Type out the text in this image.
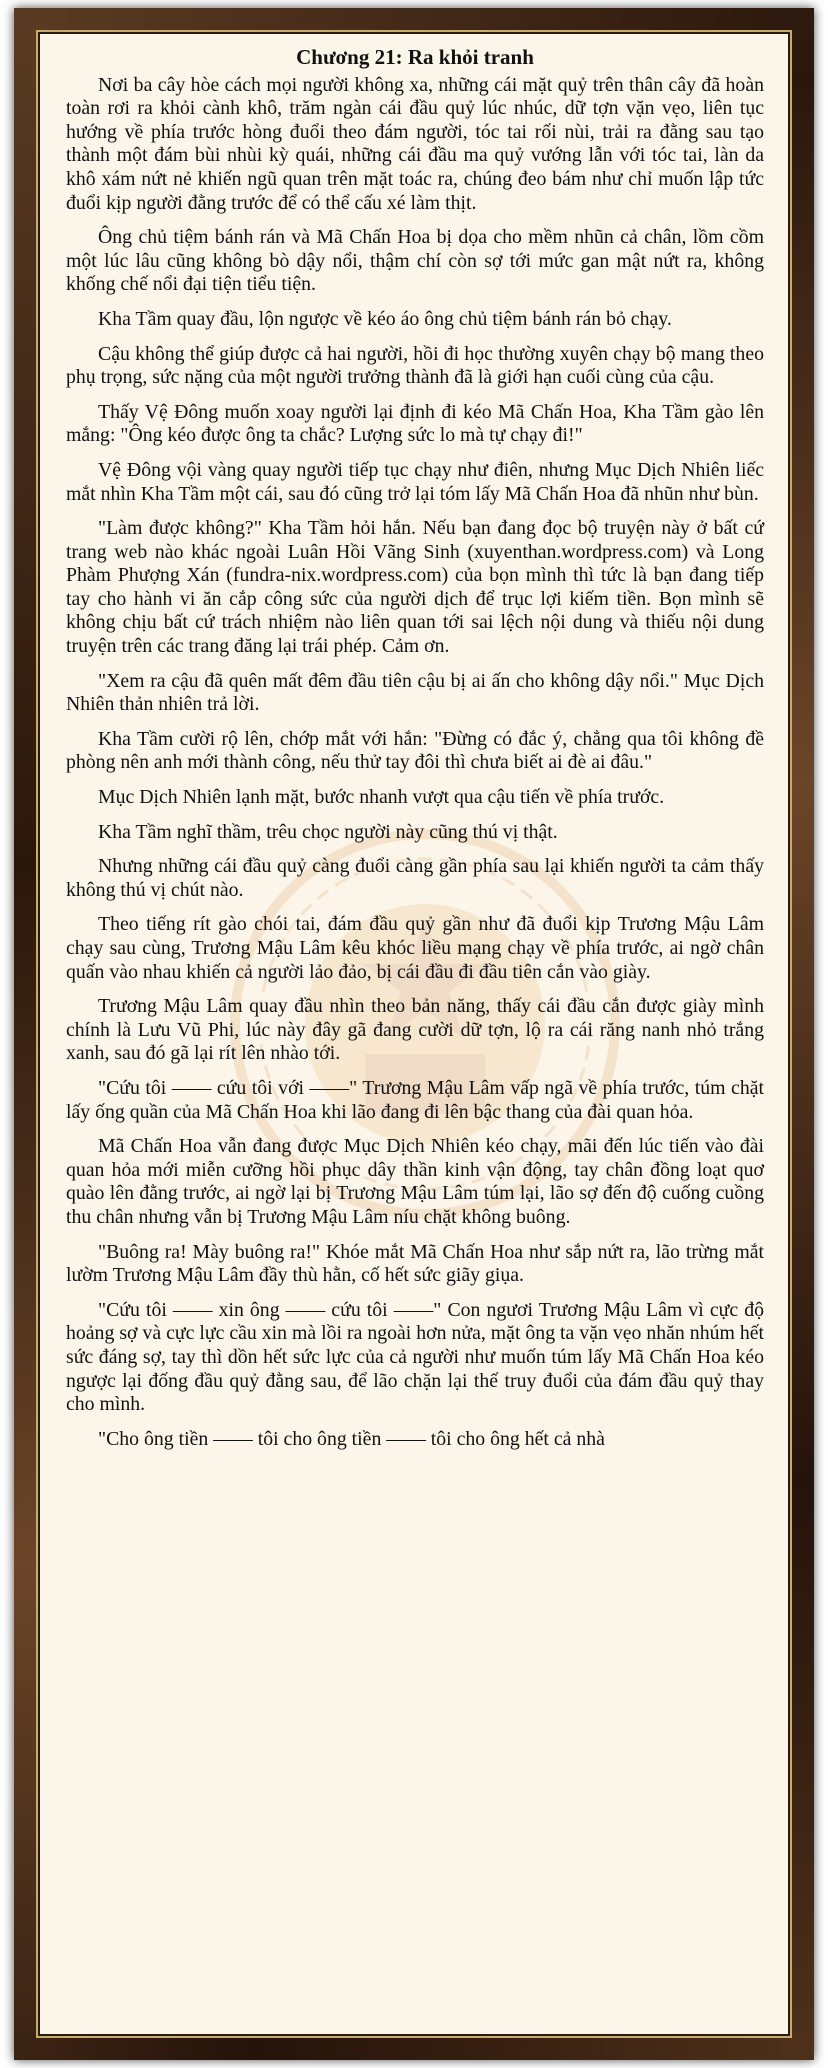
Chương 21: Ra khỏi tranh

Nơi ba cây hòe cách mọi người không xa, những cái mặt quỷ trên thân cây đã hoàn toàn rơi ra khỏi cành khô, trăm ngàn cái đầu quỷ lúc nhúc, dữ tợn vặn vẹo, liên tục hướng về phía trước hòng đuổi theo đám người, tóc tai rối nùi, trải ra đằng sau tạo thành một đám bùi nhùi kỳ quái, những cái đầu ma quỷ vướng lẫn với tóc tai, làn da khô xám nứt nẻ khiến ngũ quan trên mặt toác ra, chúng đeo bám như chỉ muốn lập tức đuổi kịp người đằng trước để có thể cấu xé làm thịt.

Ông chủ tiệm bánh rán và Mã Chấn Hoa bị dọa cho mềm nhũn cả chân, lồm cồm một lúc lâu cũng không bò dậy nổi, thậm chí còn sợ tới mức gan mật nứt ra, không khống chế nổi đại tiện tiểu tiện.

Kha Tầm quay đầu, lộn ngược về kéo áo ông chủ tiệm bánh rán bỏ chạy.

Cậu không thể giúp được cả hai người, hồi đi học thường xuyên chạy bộ mang theo phụ trọng, sức nặng của một người trưởng thành đã là giới hạn cuối cùng của cậu.

Thấy Vệ Đông muốn xoay người lại định đi kéo Mã Chấn Hoa, Kha Tầm gào lên mắng: "Ông kéo được ông ta chắc? Lượng sức lo mà tự chạy đi!"

Vệ Đông vội vàng quay người tiếp tục chạy như điên, nhưng Mục Dịch Nhiên liếc mắt nhìn Kha Tầm một cái, sau đó cũng trở lại tóm lấy Mã Chấn Hoa đã nhũn như bùn.

"Làm được không?" Kha Tầm hỏi hắn. Nếu bạn đang đọc bộ truyện này ở bất cứ trang web nào khác ngoài Luân Hồi Vãng Sinh (xuyenthan.wordpress.com) và Long Phàm Phượng Xán (fundra-nix.wordpress.com) của bọn mình thì tức là bạn đang tiếp tay cho hành vi ăn cắp công sức của người dịch để trục lợi kiếm tiền. Bọn mình sẽ không chịu bất cứ trách nhiệm nào liên quan tới sai lệch nội dung và thiếu nội dung truyện trên các trang đăng lại trái phép. Cảm ơn.

"Xem ra cậu đã quên mất đêm đầu tiên cậu bị ai ấn cho không dậy nổi." Mục Dịch Nhiên thản nhiên trả lời.

Kha Tầm cười rộ lên, chớp mắt với hắn: "Đừng có đắc ý, chẳng qua tôi không đề phòng nên anh mới thành công, nếu thử tay đôi thì chưa biết ai đè ai đâu."

Mục Dịch Nhiên lạnh mặt, bước nhanh vượt qua cậu tiến về phía trước.

Kha Tầm nghĩ thầm, trêu chọc người này cũng thú vị thật.

Nhưng những cái đầu quỷ càng đuổi càng gần phía sau lại khiến người ta cảm thấy không thú vị chút nào.

Theo tiếng rít gào chói tai, đám đầu quỷ gần như đã đuổi kịp Trương Mậu Lâm chạy sau cùng, Trương Mậu Lâm kêu khóc liều mạng chạy về phía trước, ai ngờ chân quấn vào nhau khiến cả người lảo đảo, bị cái đầu đi đầu tiên cắn vào giày.

Trương Mậu Lâm quay đầu nhìn theo bản năng, thấy cái đầu cắn được giày mình chính là Lưu Vũ Phi, lúc này đây gã đang cười dữ tợn, lộ ra cái răng nanh nhỏ trắng xanh, sau đó gã lại rít lên nhào tới.

"Cứu tôi —— cứu tôi với ——" Trương Mậu Lâm vấp ngã về phía trước, túm chặt lấy ống quần của Mã Chấn Hoa khi lão đang đi lên bậc thang của đài quan hỏa.

Mã Chấn Hoa vẫn đang được Mục Dịch Nhiên kéo chạy, mãi đến lúc tiến vào đài quan hỏa mới miễn cưỡng hồi phục dây thần kinh vận động, tay chân đồng loạt quơ quào lên đằng trước, ai ngờ lại bị Trương Mậu Lâm túm lại, lão sợ đến độ cuống cuồng thu chân nhưng vẫn bị Trương Mậu Lâm níu chặt không buông.

"Buông ra! Mày buông ra!" Khóe mắt Mã Chấn Hoa như sắp nứt ra, lão trừng mắt lườm Trương Mậu Lâm đầy thù hằn, cố hết sức giãy giụa.

"Cứu tôi —— xin ông —— cứu tôi ——" Con ngươi Trương Mậu Lâm vì cực độ hoảng sợ và cực lực cầu xin mà lồi ra ngoài hơn nửa, mặt ông ta vặn vẹo nhăn nhúm hết sức đáng sợ, tay thì dồn hết sức lực của cả người như muốn túm lấy Mã Chấn Hoa kéo ngược lại đống đầu quỷ đằng sau, để lão chặn lại thế truy đuổi của đám đầu quỷ thay cho mình.

"Cho ông tiền —— tôi cho ông tiền —— tôi cho ông hết cả nhà
